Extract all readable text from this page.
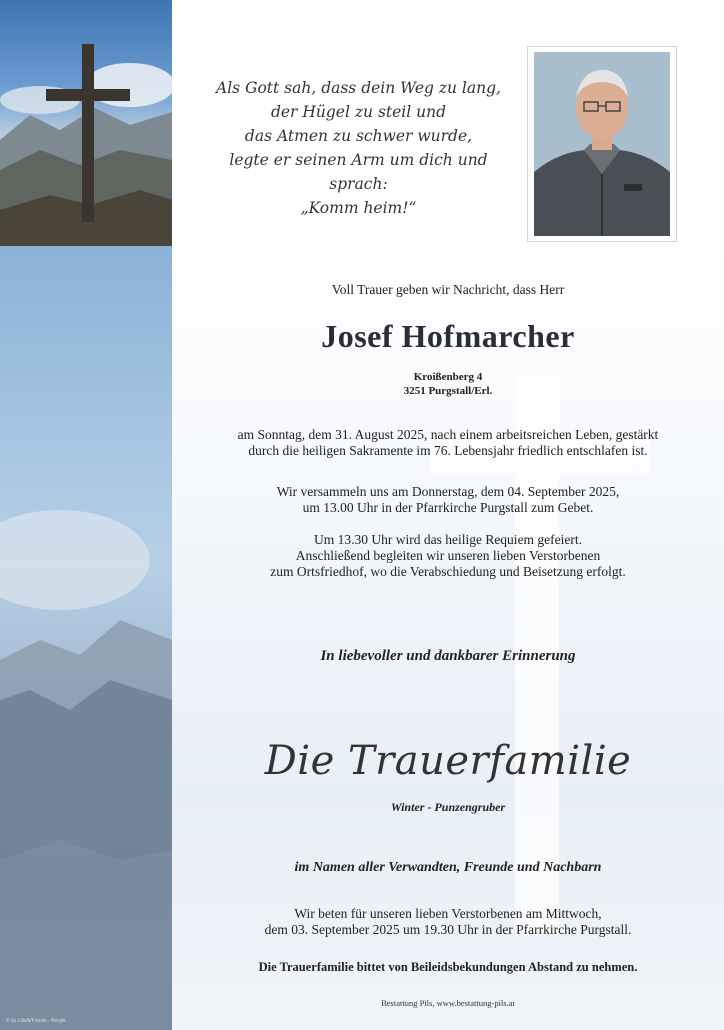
© by LiliaN/Fotolia - Bergkr.
Als Gott sah, dass dein Weg zu lang,
der Hügel zu steil und
das Atmen zu schwer wurde,
legte er seinen Arm um dich und
sprach:
„Komm heim!“
Voll Trauer geben wir Nachricht, dass Herr
Josef Hofmarcher
Kroißenberg 4
3251 Purgstall/Erl.
am Sonntag, dem 31. August 2025, nach einem arbeitsreichen Leben, gestärkt
durch die heiligen Sakramente im 76. Lebensjahr friedlich entschlafen ist.
Wir versammeln uns am Donnerstag, dem 04. September 2025,
um 13.00 Uhr in der Pfarrkirche Purgstall zum Gebet.
Um 13.30 Uhr wird das heilige Requiem gefeiert.
Anschließend begleiten wir unseren lieben Verstorbenen
zum Ortsfriedhof, wo die Verabschiedung und Beisetzung erfolgt.
In liebevoller und dankbarer Erinnerung
Die Trauerfamilie
Winter - Punzengruber
im Namen aller Verwandten, Freunde und Nachbarn
Wir beten für unseren lieben Verstorbenen am Mittwoch,
dem 03. September 2025 um 19.30 Uhr in der Pfarrkirche Purgstall.
Die Trauerfamilie bittet von Beileidsbekundungen Abstand zu nehmen.
Bestattung Pils, www.bestattung-pils.at
